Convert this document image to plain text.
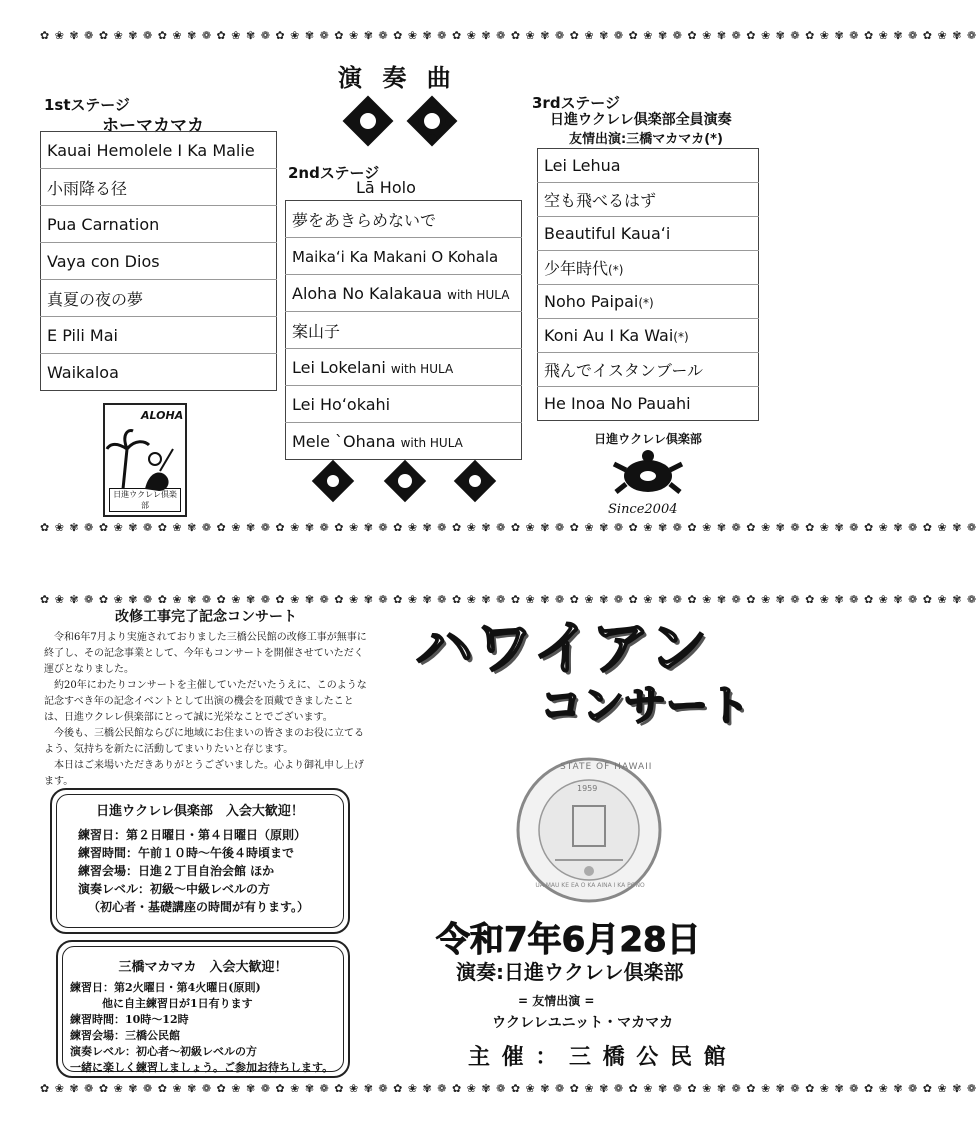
✿ ❀ ✾ ❁ ✿ ❀ ✾ ❁ ✿ ❀ ✾ ❁ ✿ ❀ ✾ ❁ ✿ ❀ ✾ ❁ ✿ ❀ ✾ ❁ ✿ ❀ ✾ ❁ ✿ ❀ ✾ ❁ ✿ ❀ ✾ ❁ ✿ ❀ ✾ ❁ ✿ ❀ ✾ ❁ ✿ ❀ ✾ ❁ ✿ ❀ ✾ ❁ ✿ ❀ ✾ ❁ ✿ ❀ ✾ ❁ ✿ ❀ ✾ ❁
✿ ❀ ✾ ❁ ✿ ❀ ✾ ❁ ✿ ❀ ✾ ❁ ✿ ❀ ✾ ❁ ✿ ❀ ✾ ❁ ✿ ❀ ✾ ❁ ✿ ❀ ✾ ❁ ✿ ❀ ✾ ❁ ✿ ❀ ✾ ❁ ✿ ❀ ✾ ❁ ✿ ❀ ✾ ❁ ✿ ❀ ✾ ❁ ✿ ❀ ✾ ❁ ✿ ❀ ✾ ❁ ✿ ❀ ✾ ❁ ✿ ❀ ✾ ❁
✿ ❀ ✾ ❁ ✿ ❀ ✾ ❁ ✿ ❀ ✾ ❁ ✿ ❀ ✾ ❁ ✿ ❀ ✾ ❁ ✿ ❀ ✾ ❁ ✿ ❀ ✾ ❁ ✿ ❀ ✾ ❁ ✿ ❀ ✾ ❁ ✿ ❀ ✾ ❁ ✿ ❀ ✾ ❁ ✿ ❀ ✾ ❁ ✿ ❀ ✾ ❁ ✿ ❀ ✾ ❁ ✿ ❀ ✾ ❁ ✿ ❀ ✾ ❁
✿ ❀ ✾ ❁ ✿ ❀ ✾ ❁ ✿ ❀ ✾ ❁ ✿ ❀ ✾ ❁ ✿ ❀ ✾ ❁ ✿ ❀ ✾ ❁ ✿ ❀ ✾ ❁ ✿ ❀ ✾ ❁ ✿ ❀ ✾ ❁ ✿ ❀ ✾ ❁ ✿ ❀ ✾ ❁ ✿ ❀ ✾ ❁ ✿ ❀ ✾ ❁ ✿ ❀ ✾ ❁ ✿ ❀ ✾ ❁ ✿ ❀ ✾ ❁
演 奏 曲
1stステージ
ホーマカマカ
Kauai Hemolele I Ka Malie
小雨降る径
Pua Carnation
Vaya con Dios
真夏の夜の夢
E Pili Mai
Waikaloa
2ndステージ
Lā Holo
夢をあきらめないで
Maikaʻi Ka Makani O Kohala
Aloha No Kalakaua with HULA
案山子
Lei Lokelani with HULA
Lei Hoʻokahi
Mele ˋOhana with HULA
3rdステージ
日進ウクレレ倶楽部全員演奏
友情出演:三橋マカマカ(*)
Lei Lehua
空も飛べるはず
Beautiful Kauaʻi
少年時代(*)
Noho Paipai(*)
Koni Au I Ka Wai(*)
飛んでイスタンブール
He Inoa No Pauahi
ALOHA
日進ウクレレ倶楽部
日進ウクレレ倶楽部
Since2004
改修工事完了記念コンサート
令和6年7月より実施されておりました三橋公民館の改修工事が無事に終了し、その記念事業として、今年もコンサートを開催させていただく運びとなりました。
約20年にわたりコンサートを主催していただいたうえに、このような記念すべき年の記念イベントとして出演の機会を頂戴できましたことは、日進ウクレレ倶楽部にとって誠に光栄なことでございます。
今後も、三橋公民館ならびに地域にお住まいの皆さまのお役に立てるよう、気持ちを新たに活動してまいりたいと存じます。
本日はご来場いただきありがとうございました。心より御礼申し上げます。
日進ウクレレ倶楽部　入会大歓迎！
練習日：第２日曜日・第４日曜日（原則）
練習時間：午前１０時～午後４時頃まで
練習会場：日進２丁目自治会館 ほか
演奏レベル：初級～中級レベルの方
（初心者・基礎講座の時間が有ります。）
三橋マカマカ　入会大歓迎！
練習日：第2火曜日・第4火曜日(原則)
他に自主練習日が1日有ります
練習時間：10時～12時
練習会場：三橋公民館
演奏レベル：初心者～初級レベルの方
一緒に楽しく練習しましょう。ご参加お待ちします。
ハワイアン
コンサート
STATE OF HAWAII
1959
UA MAU KE EA O KA AINA I KA PONO
令和7年6月28日
演奏:日進ウクレレ倶楽部
= 友情出演 =
ウクレレユニット・マカマカ
主 催 ： 三 橋 公 民 館
